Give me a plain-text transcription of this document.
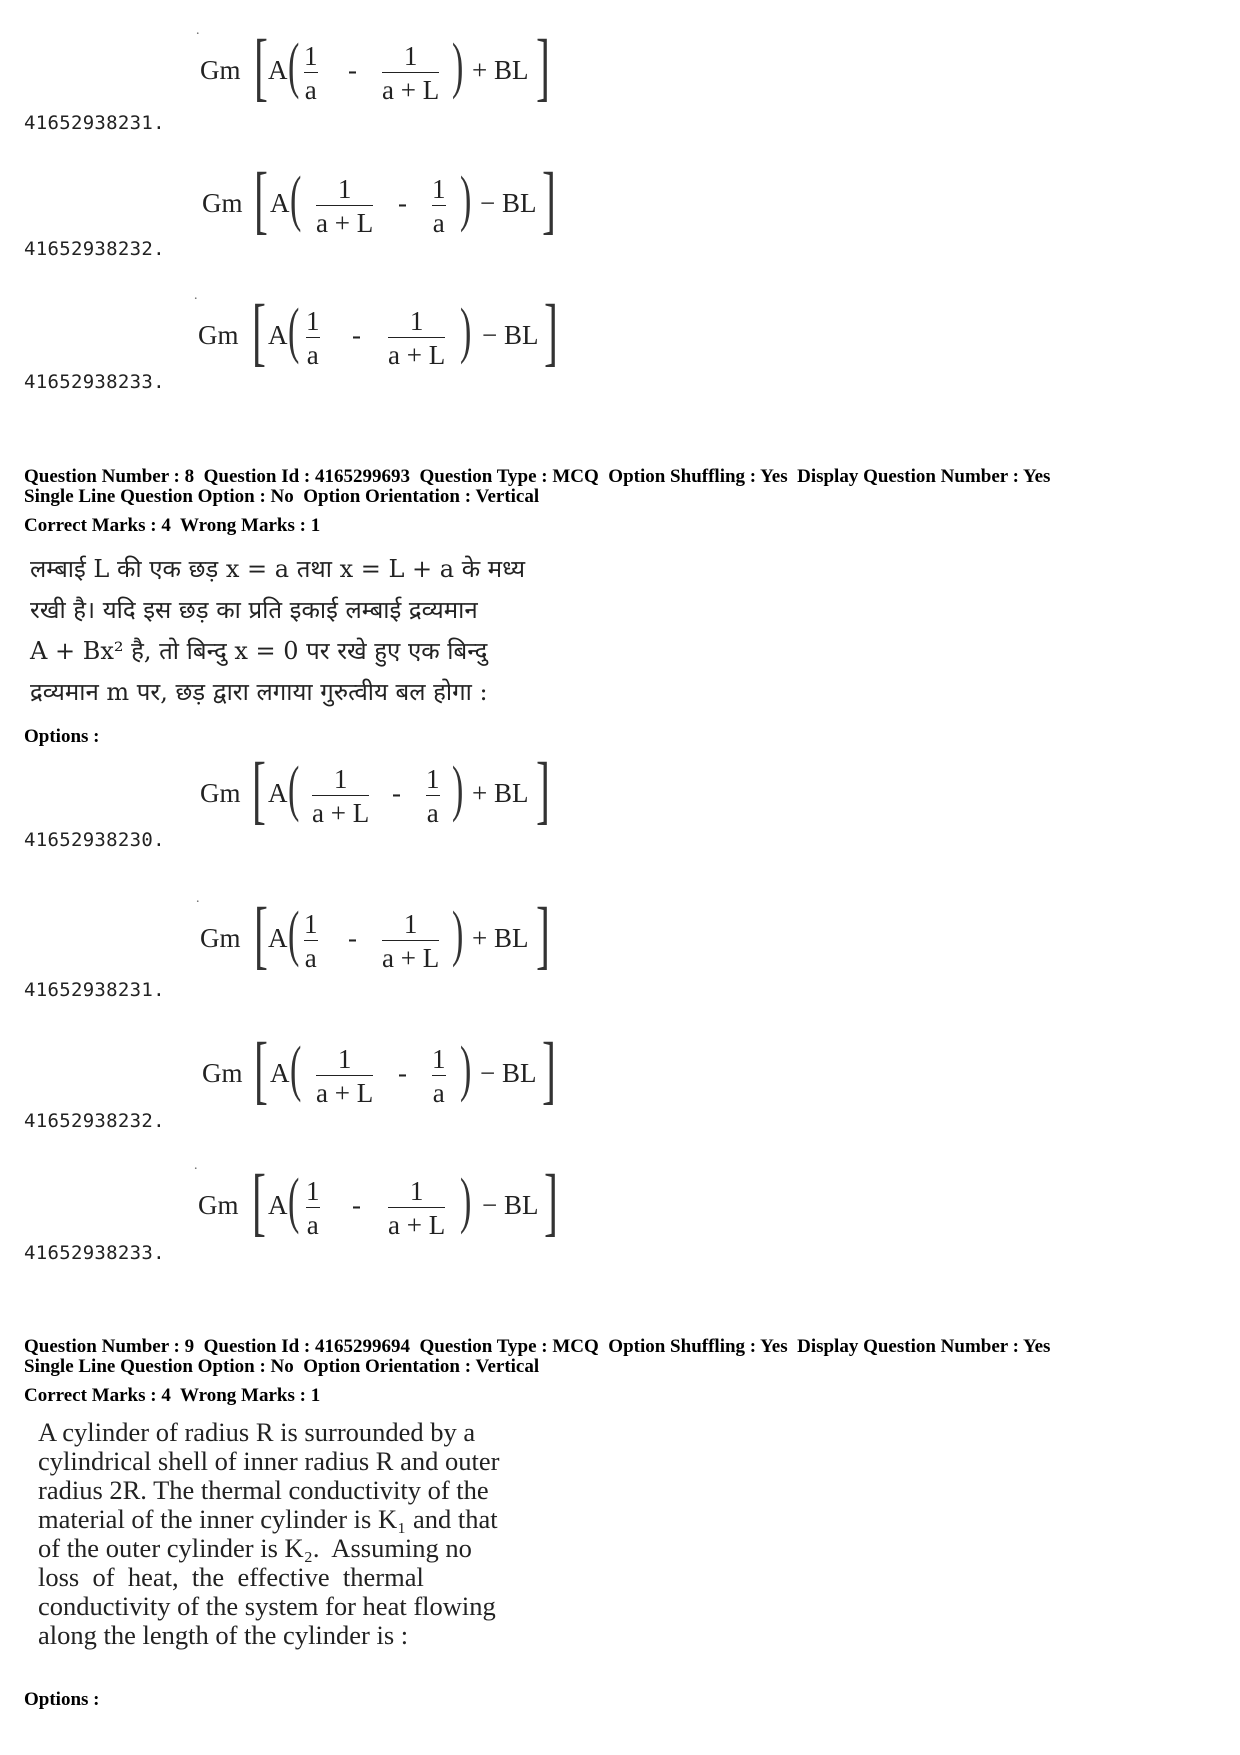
.
Gm [ A ( 1
a
- 1
a + L ) + BL ]
41652938231.
Gm [ A ( 1
a + L
- 1
a ) − BL ]
41652938232.
.
Gm [ A ( 1
a
- 1
a + L ) − BL ]
41652938233.
Question Number : 8  Question Id : 4165299693  Question Type : MCQ  Option Shuffling : Yes  Display Question Number : Yes
Single Line Question Option : No  Option Orientation : Vertical
Correct Marks : 4  Wrong Marks : 1
लम्बाई L की एक छड़ x = a तथा x = L + a के मध्य
रखी है। यदि इस छड़ का प्रति इकाई लम्बाई द्रव्यमान
A + Bx² है, तो बिन्दु x = 0 पर रखे हुए एक बिन्दु
द्रव्यमान m पर, छड़ द्वारा लगाया गुरुत्वीय बल होगा :
Options :
Gm [ A ( 1
a + L
- 1
a ) + BL ]
41652938230.
.
Gm [ A ( 1
a
- 1
a + L ) + BL ]
41652938231.
Gm [ A ( 1
a + L
- 1
a ) − BL ]
41652938232.
.
Gm [ A ( 1
a
- 1
a + L ) − BL ]
41652938233.
Question Number : 9  Question Id : 4165299694  Question Type : MCQ  Option Shuffling : Yes  Display Question Number : Yes
Single Line Question Option : No  Option Orientation : Vertical
Correct Marks : 4  Wrong Marks : 1
A cylinder of radius R is surrounded by a
cylindrical shell of inner radius R and outer
radius 2R. The thermal conductivity of the
material of the inner cylinder is K₁ and that
of the outer cylinder is K₂.  Assuming no
loss  of  heat,  the  effective  thermal
conductivity of the system for heat flowing
along the length of the cylinder is :
Options :
